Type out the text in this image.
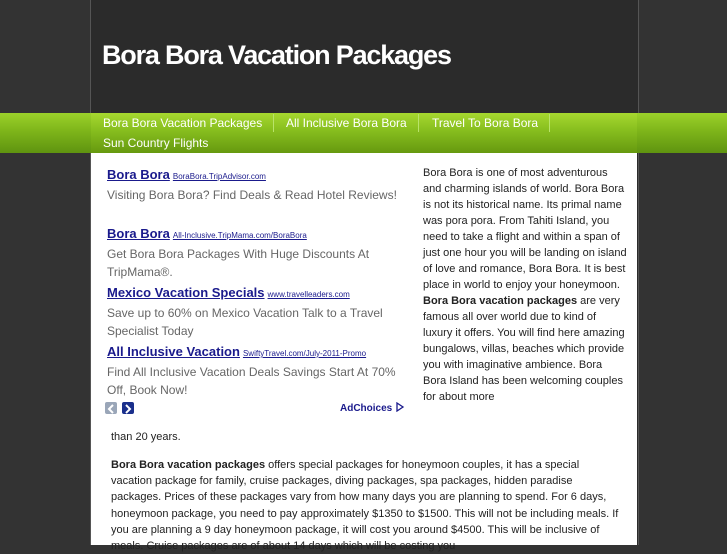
Bora Bora Vacation Packages
Bora Bora Vacation Packages	All Inclusive Bora Bora	Travel To Bora Bora
Sun Country Flights
Bora Bora BoraBora.TripAdvisor.com
Visiting Bora Bora? Find Deals & Read Hotel Reviews!
Bora Bora All-Inclusive.TripMama.com/BoraBora
Get Bora Bora Packages With Huge Discounts At TripMama®.
Mexico Vacation Specials www.travelleaders.com
Save up to 60% on Mexico Vacation Talk to a Travel Specialist Today
All Inclusive Vacation SwiftyTravel.com/July-2011-Promo
Find All Inclusive Vacation Deals Savings Start At 70% Off, Book Now!
AdChoices
Bora Bora is one of most adventurous and charming islands of world. Bora Bora is not its historical name. Its primal name was pora pora. From Tahiti Island, you need to take a flight and within a span of just one hour you will be landing on island of love and romance, Bora Bora. It is best place in world to enjoy your honeymoon. Bora Bora vacation packages are very famous all over world due to kind of luxury it offers. You will find here amazing bungalows, villas, beaches which provide you with imaginative ambience. Bora Bora Island has been welcoming couples for about more
than 20 years.
Bora Bora vacation packages offers special packages for honeymoon couples, it has a special vacation package for family, cruise packages, diving packages, spa packages, hidden paradise packages. Prices of these packages vary from how many days you are planning to spend. For 6 days, honeymoon package, you need to pay approximately $1350 to $1500. This will not be including meals. If you are planning a 9 day honeymoon package, it will cost you around $4500. This will be inclusive of meals. Cruise packages are of about 14 days which will be costing you
